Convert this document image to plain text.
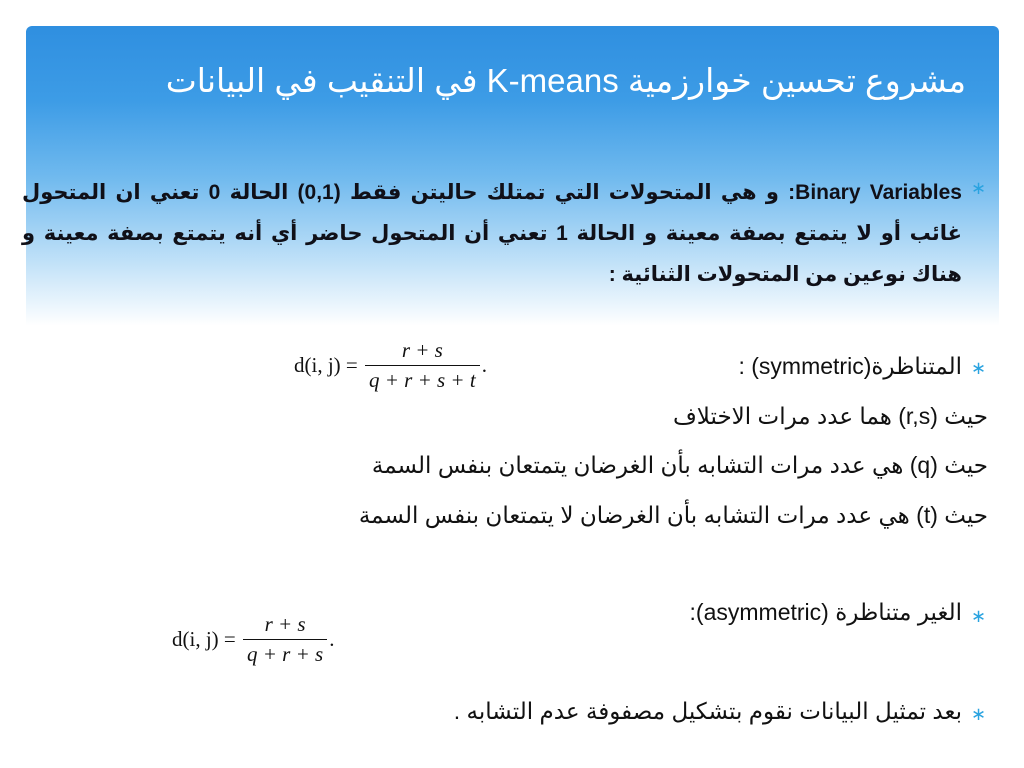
مشروع تحسين خوارزمية K-means في التنقيب في البيانات
∗
Binary Variables: و هي المتحولات التي تمتلك حاليتن فقط (0,1) الحالة 0 تعني ان المتحول غائب أو لا يتمتع بصفة معينة و الحالة 1 تعني أن المتحول حاضر أي أنه يتمتع بصفة معينة و هناك نوعين من المتحولات الثنائية :
∗
المتناظرة(symmetric) :
d(i, $j) = \frac{r + s}{q + r + s + t}$ .
حيث (r,s) هما عدد مرات الاختلاف
حيث (q) هي عدد مرات التشابه بأن الغرضان يتمتعان بنفس السمة
حيث (t) هي عدد مرات التشابه بأن الغرضان لا يتمتعان بنفس السمة
∗
الغير متناظرة (asymmetric):
d(i, $j) = \frac{r + s}{q + r + s}$ .
∗
بعد تمثيل البيانات نقوم بتشكيل مصفوفة عدم التشابه .
